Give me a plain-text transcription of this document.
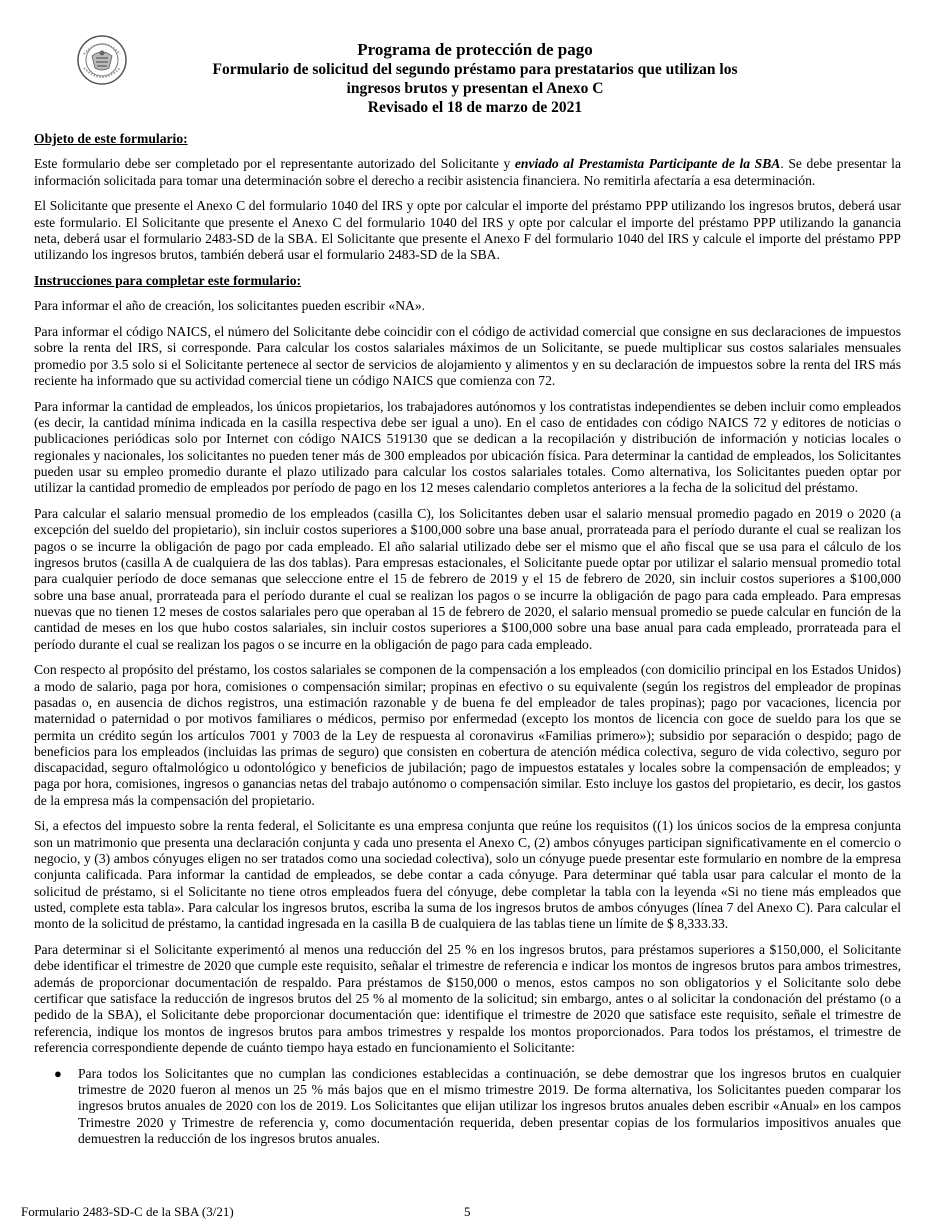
Programa de protección de pago
Formulario de solicitud del segundo préstamo para prestatarios que utilizan los
ingresos brutos y presentan el Anexo C
Revisado el 18 de marzo de 2021
Objeto de este formulario:

Este formulario debe ser completado por el representante autorizado del Solicitante y enviado al Prestamista Participante de la SBA. Se debe presentar la información solicitada para tomar una determinación sobre el derecho a recibir asistencia financiera. No remitirla afectaría a esa determinación.

El Solicitante que presente el Anexo C del formulario 1040 del IRS y opte por calcular el importe del préstamo PPP utilizando los ingresos brutos, deberá usar este formulario. El Solicitante que presente el Anexo C del formulario 1040 del IRS y opte por calcular el importe del préstamo PPP utilizando la ganancia neta, deberá usar el formulario 2483-SD de la SBA. El Solicitante que presente el Anexo F del formulario 1040 del IRS y calcule el importe del préstamo PPP utilizando los ingresos brutos, también deberá usar el formulario 2483-SD de la SBA.

Instrucciones para completar este formulario:

Para informar el año de creación, los solicitantes pueden escribir «NA».

Para informar el código NAICS, el número del Solicitante debe coincidir con el código de actividad comercial que consigne en sus declaraciones de impuestos sobre la renta del IRS, si corresponde. Para calcular los costos salariales máximos de un Solicitante, se puede multiplicar sus costos salariales mensuales promedio por 3.5 solo si el Solicitante pertenece al sector de servicios de alojamiento y alimentos y en su declaración de impuestos sobre la renta del IRS más reciente ha informado que su actividad comercial tiene un código NAICS que comienza con 72.

Para informar la cantidad de empleados, los únicos propietarios, los trabajadores autónomos y los contratistas independientes se deben incluir como empleados (es decir, la cantidad mínima indicada en la casilla respectiva debe ser igual a uno). En el caso de entidades con código NAICS 72 y editores de noticias o publicaciones periódicas solo por Internet con código NAICS 519130 que se dedican a la recopilación y distribución de información y noticias locales o regionales y nacionales, los solicitantes no pueden tener más de 300 empleados por ubicación física. Para determinar la cantidad de empleados, los Solicitantes pueden usar su empleo promedio durante el plazo utilizado para calcular los costos salariales totales. Como alternativa, los Solicitantes pueden optar por utilizar la cantidad promedio de empleados por período de pago en los 12 meses calendario completos anteriores a la fecha de la solicitud del préstamo.

Para calcular el salario mensual promedio de los empleados (casilla C), los Solicitantes deben usar el salario mensual promedio pagado en 2019 o 2020 (a excepción del sueldo del propietario), sin incluir costos superiores a $100,000 sobre una base anual, prorrateada para el período durante el cual se realizan los pagos o se incurre la obligación de pago por cada empleado. El año salarial utilizado debe ser el mismo que el año fiscal que se usa para el cálculo de los ingresos brutos (casilla A de cualquiera de las dos tablas). Para empresas estacionales, el Solicitante puede optar por utilizar el salario mensual promedio total para cualquier período de doce semanas que seleccione entre el 15 de febrero de 2019 y el 15 de febrero de 2020, sin incluir costos superiores a $100,000 sobre una base anual, prorrateada para el período durante el cual se realizan los pagos o se incurre la obligación de pago para cada empleado. Para empresas nuevas que no tienen 12 meses de costos salariales pero que operaban al 15 de febrero de 2020, el salario mensual promedio se puede calcular en función de la cantidad de meses en los que hubo costos salariales, sin incluir costos superiores a $100,000 sobre una base anual para cada empleado, prorrateada para el período durante el cual se realizan los pagos o se incurre en la obligación de pago para cada empleado.

Con respecto al propósito del préstamo, los costos salariales se componen de la compensación a los empleados (con domicilio principal en los Estados Unidos) a modo de salario, paga por hora, comisiones o compensación similar; propinas en efectivo o su equivalente (según los registros del empleador de propinas pasadas o, en ausencia de dichos registros, una estimación razonable y de buena fe del empleador de tales propinas); pago por vacaciones, licencia por maternidad o paternidad o por motivos familiares o médicos, permiso por enfermedad (excepto los montos de licencia con goce de sueldo para los que se permita un crédito según los artículos 7001 y 7003 de la Ley de respuesta al coronavirus «Familias primero»); subsidio por separación o despido; pago de beneficios para los empleados (incluidas las primas de seguro) que consisten en cobertura de atención médica colectiva, seguro de vida colectivo, seguro por discapacidad, seguro oftalmológico u odontológico y beneficios de jubilación; pago de impuestos estatales y locales sobre la compensación de empleados; y paga por hora, comisiones, ingresos o ganancias netas del trabajo autónomo o compensación similar. Esto incluye los gastos del propietario, es decir, los gastos de la empresa más la compensación del propietario.

Si, a efectos del impuesto sobre la renta federal, el Solicitante es una empresa conjunta que reúne los requisitos ((1) los únicos socios de la empresa conjunta son un matrimonio que presenta una declaración conjunta y cada uno presenta el Anexo C, (2) ambos cónyuges participan significativamente en el comercio o negocio, y (3) ambos cónyuges eligen no ser tratados como una sociedad colectiva), solo un cónyuge puede presentar este formulario en nombre de la empresa conjunta calificada. Para informar la cantidad de empleados, se debe contar a cada cónyuge. Para determinar qué tabla usar para calcular el monto de la solicitud de préstamo, si el Solicitante no tiene otros empleados fuera del cónyuge, debe completar la tabla con la leyenda «Si no tiene más empleados que usted, complete esta tabla». Para calcular los ingresos brutos, escriba la suma de los ingresos brutos de ambos cónyuges (línea 7 del Anexo C). Para calcular el monto de la solicitud de préstamo, la cantidad ingresada en la casilla B de cualquiera de las tablas tiene un límite de $ 8,333.33.

Para determinar si el Solicitante experimentó al menos una reducción del 25 % en los ingresos brutos, para préstamos superiores a $150,000, el Solicitante debe identificar el trimestre de 2020 que cumple este requisito, señalar el trimestre de referencia e indicar los montos de ingresos brutos para ambos trimestres, además de proporcionar documentación de respaldo. Para préstamos de $150,000 o menos, estos campos no son obligatorios y el Solicitante solo debe certificar que satisface la reducción de ingresos brutos del 25 % al momento de la solicitud; sin embargo, antes o al solicitar la condonación del préstamo (o a pedido de la SBA), el Solicitante debe proporcionar documentación que: identifique el trimestre de 2020 que satisface este requisito, señale el trimestre de referencia, indique los montos de ingresos brutos para ambos trimestres y respalde los montos proporcionados. Para todos los préstamos, el trimestre de referencia correspondiente depende de cuánto tiempo haya estado en funcionamiento el Solicitante:

● Para todos los Solicitantes que no cumplan las condiciones establecidas a continuación, se debe demostrar que los ingresos brutos en cualquier trimestre de 2020 fueron al menos un 25 % más bajos que en el mismo trimestre 2019. De forma alternativa, los Solicitantes pueden comparar los ingresos brutos anuales de 2020 con los de 2019. Los Solicitantes que elijan utilizar los ingresos brutos anuales deben escribir «Anual» en los campos Trimestre 2020 y Trimestre de referencia y, como documentación requerida, deben presentar copias de los formularios impositivos anuales que demuestren la reducción de los ingresos brutos anuales.
Formulario 2483-SD-C de la SBA (3/21)	5
